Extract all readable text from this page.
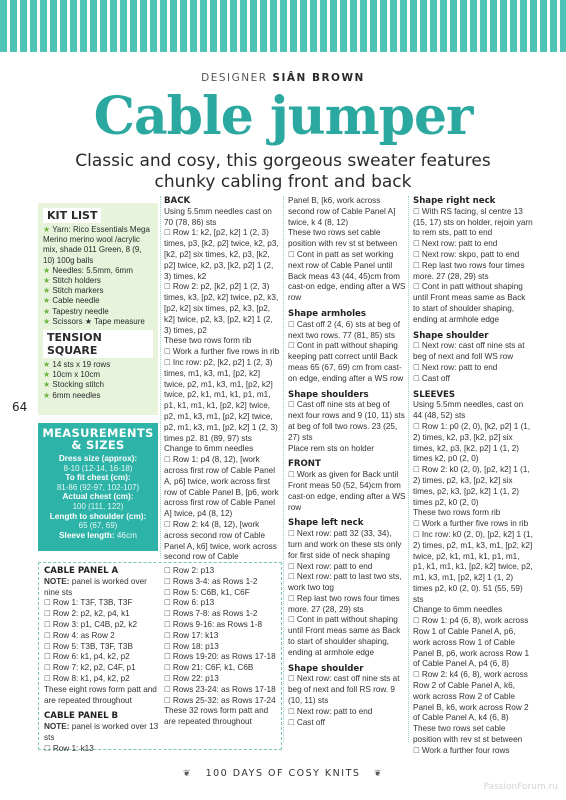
DESIGNER SIÂN BROWN
Cable jumper
Classic and cosy, this gorgeous sweater features chunky cabling front and back
64
KIT LIST

★ Yarn: Rico Essentials Mega Merino merino wool /acrylic mix, shade 011 Green, 8 (9, 10) 100g balls

★ Needles: 5.5mm, 6mm

★ Stitch holders

★ Stitch markers

★ Cable needle

★ Tapestry needle

★ Scissors ★ Tape measure

TENSION SQUARE

★ 14 sts x 19 rows

★ 10cm x 10cm

★ Stocking stitch

★ 6mm needles

MEASUREMENTS & SIZES
Dress size (approx):
8-10 (12-14, 16-18)
To fit chest (cm):
81-86 (92-97, 102-107)
Actual chest (cm):
100 (111, 122)
Length to shoulder (cm):
65 (67, 69)
Sleeve length: 46cm

BACK

Using 5.5mm needles cast on 70 (78, 86) sts

☐ Row 1: k2, [p2, k2] 1 (2, 3) times, p3, [k2, p2] twice, k2, p3, [k2, p2] six times, k2, p3, [k2, p2] twice, k2, p3, [k2, p2] 1 (2, 3) times, k2

☐ Row 2: p2, [k2, p2] 1 (2, 3) times, k3, [p2, k2] twice, p2, k3, [p2, k2] six times, p2, k3, [p2, k2] twice, p2, k3, [p2, k2] 1 (2, 3) times, p2

These two rows form rib

☐ Work a further five rows in rib

☐ Inc row: p2, [k2, p2] 1 (2, 3) times, m1, k3, m1, [p2, k2] twice, p2, m1, k3, m1, [p2, k2] twice, p2, k1, m1, k1, p1, m1, p1, k1, m1, k1, [p2, k2] twice, p2, m1, k3, m1, [p2, k2] twice, p2, m1, k3, m1, [p2, k2] 1 (2, 3) times p2. 81 (89, 97) sts

Change to 6mm needles

☐ Row 1: p4 (8, 12), [work across first row of Cable Panel A, p6] twice, work across first row of Cable Panel B, [p6, work across first row of Cable Panel A] twice, p4 (8, 12)

☐ Row 2: k4 (8, 12), [work across second row of Cable Panel A, k6] twice, work across second row of Cable

Panel B, [k6, work across second row of Cable Panel A] twice, k 4 (8, 12)

These two rows set cable position with rev st st between

☐ Cont in patt as set working next row of Cable Panel until Back meas 43 (44, 45)cm from cast-on edge, ending after a WS row

Shape armholes

☐ Cast off 2 (4, 6) sts at beg of next two rows. 77 (81, 85) sts

☐ Cont in patt without shaping keeping patt correct until Back meas 65 (67, 69) cm from cast-on edge, ending after a WS row

Shape shoulders

☐ Cast off nine sts at beg of next four rows and 9 (10, 11) sts at beg of foll two rows. 23 (25, 27) sts

Place rem sts on holder

FRONT

☐ Work as given for Back until Front meas 50 (52, 54)cm from cast-on edge, ending after a WS row

Shape left neck

☐ Next row: patt 32 (33, 34), turn and work on these sts only for first side of neck shaping

☐ Next row: patt to end

☐ Next row: patt to last two sts, work two tog

☐ Rep last two rows four times more. 27 (28, 29) sts

☐ Cont in patt without shaping until Front meas same as Back to start of shoulder shaping, ending at armhole edge

Shape shoulder

☐ Next row: cast off nine sts at beg of next and foll RS row. 9 (10, 11) sts

☐ Next row: patt to end

☐ Cast off

Shape right neck

☐ With RS facing, sl centre 13 (15, 17) sts on holder, rejoin yarn to rem sts, patt to end

☐ Next row: patt to end

☐ Next row: skpo, patt to end

☐ Rep last two rows four times more. 27 (28, 29) sts

☐ Cont in patt without shaping until Front meas same as Back to start of shoulder shaping, ending at armhole edge

Shape shoulder

☐ Next row: cast off nine sts at beg of next and foll WS row

☐ Next row: patt to end

☐ Cast off

SLEEVES

Using 5.5mm needles, cast on 44 (48, 52) sts

☐ Row 1: p0 (2, 0), [k2, p2] 1 (1, 2) times, k2, p3, [k2, p2] six times, k2, p3, [k2, p2] 1 (1, 2) times k2, p0 (2, 0)

☐ Row 2: k0 (2, 0), [p2, k2] 1 (1, 2) times, p2, k3, [p2, k2] six times, p2, k3, [p2, k2] 1 (1, 2) times p2, k0 (2, 0)

These two rows form rib

☐ Work a further five rows in rib

☐ Inc row: k0 (2, 0), [p2, k2] 1 (1, 2) times, p2, m1, k3, m1, [p2, k2] twice, p2, k1, m1, k1, p1, m1, p1, k1, m1, k1, [p2, k2] twice, p2, m1, k3, m1, [p2, k2] 1 (1, 2) times p2, k0 (2, 0). 51 (55, 59) sts

Change to 6mm needles

☐ Row 1: p4 (6, 8), work across Row 1 of Cable Panel A, p6, work across Row 1 of Cable Panel B, p6, work across Row 1 of Cable Panel A, p4 (6, 8)

☐ Row 2: k4 (6, 8), work across Row 2 of Cable Panel A, k6, work across Row 2 of Cable Panel B, k6, work across Row 2 of Cable Panel A, k4 (6, 8)

These two rows set cable position with rev st st between

☐ Work a further four rows

CABLE PANEL A

NOTE: panel is worked over nine sts

☐ Row 1: T3F, T3B, T3F

☐ Row 2: p2, k2, p4, k1

☐ Row 3: p1, C4B, p2, k2

☐ Row 4: as Row 2

☐ Row 5: T3B, T3F, T3B

☐ Row 6: k1, p4, k2, p2

☐ Row 7: k2, p2, C4F, p1

☐ Row 8: k1, p4, k2, p2

These eight rows form patt and are repeated throughout

CABLE PANEL B

NOTE: panel is worked over 13 sts

☐ Row 1: k13

☐ Row 2: p13

☐ Rows 3-4: as Rows 1-2

☐ Row 5: C6B, k1, C6F

☐ Row 6: p13

☐ Rows 7-8: as Rows 1-2

☐ Rows 9-16: as Rows 1-8

☐ Row 17: k13

☐ Row 18: p13

☐ Rows 19-20: as Rows 17-18

☐ Row 21: C6F, k1, C6B

☐ Row 22: p13

☐ Rows 23-24: as Rows 17-18

☐ Rows 25-32: as Rows 17-24

These 32 rows form patt and are repeated throughout

❦ 100 DAYS OF COSY KNITS ❦
PassionForum.ru
